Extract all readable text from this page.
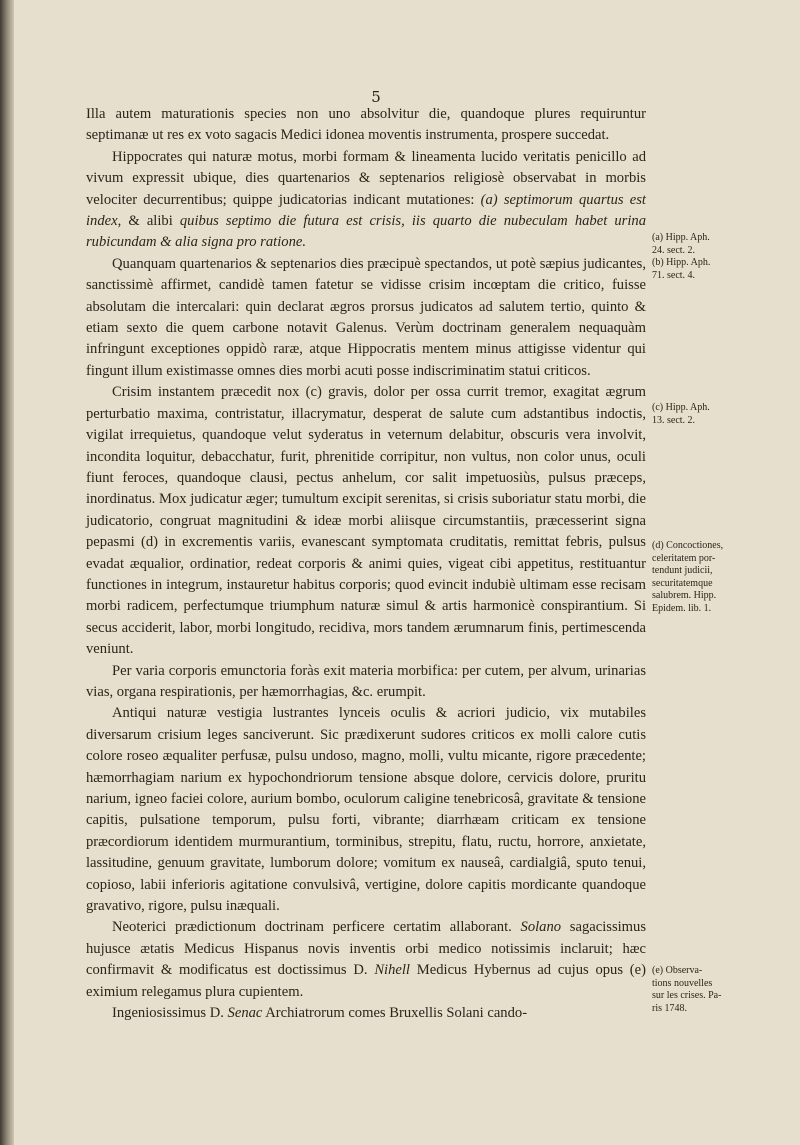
5

Illa autem maturationis species non uno absolvitur die, quandoque plures requiruntur septimanæ ut res ex voto sagacis Medici idonea moventis instrumenta, prospere succedat.

Hippocrates qui naturæ motus, morbi formam & lineamenta lucido veritatis penicillo ad vivum expressit ubique, dies quartenarios & septenarios religiosè observabat in morbis velociter decurrentibus; quippe judicatorias indicant mutationes: (a) septimorum quartus est index, & alibi quibus septimo die futura est crisis, iis quarto die nubeculam habet urina rubicundam & alia signa pro ratione.

Quanquam quartenarios & septenarios dies præcipuè spectandos, ut potè sæpius judicantes, sanctissimè affirmet, candidè tamen fatetur se vidisse crisim incœptam die critico, fuisse absolutam die intercalari: quin declarat ægros prorsus judicatos ad salutem tertio, quinto & etiam sexto die quem carbone notavit Galenus. Verùm doctrinam generalem nequaquàm infringunt exceptiones oppidò raræ, atque Hippocratis mentem minus attigisse videntur qui fingunt illum existimasse omnes dies morbi acuti posse indiscriminatim statui criticos.

Crisim instantem præcedit nox (c) gravis, dolor per ossa currit tremor, exagitat ægrum perturbatio maxima, contristatur, illacrymatur, desperat de salute cum adstantibus indoctis, vigilat irrequietus, quandoque velut syderatus in veternum delabitur, obscuris vera involvit, incondita loquitur, debacchatur, furit, phrenitide corripitur, non vultus, non color unus, oculi fiunt feroces, quandoque clausi, pectus anhelum, cor salit impetuosiùs, pulsus præceps, inordinatus. Mox judicatur æger; tumultum excipit serenitas, si crisis suboriatur statu morbi, die judicatorio, congruat magnitudini & ideæ morbi aliisque circumstantiis, præcesserint signa pepasmi (d) in excrementis variis, evanescant symptomata cruditatis, remittat febris, pulsus evadat æqualior, ordinatior, redeat corporis & animi quies, vigeat cibi appetitus, restituantur functiones in integrum, instauretur habitus corporis; quod evincit indubiè ultimam esse recisam morbi radicem, perfectumque triumphum naturæ simul & artis harmonicè conspirantium. Si secus acciderit, labor, morbi longitudo, recidiva, mors tandem ærumnarum finis, pertimescenda veniunt.

Per varia corporis emunctoria foràs exit materia morbifica: per cutem, per alvum, urinarias vias, organa respirationis, per hæmorrhagias, &c. erumpit.

Antiqui naturæ vestigia lustrantes lynceis oculis & acriori judicio, vix mutabiles diversarum crisium leges sanciverunt. Sic prædixerunt sudores criticos ex molli calore cutis colore roseo æqualiter perfusæ, pulsu undoso, magno, molli, vultu micante, rigore præcedente; hæmorrhagiam narium ex hypochondriorum tensione absque dolore, cervicis dolore, pruritu narium, igneo faciei colore, aurium bombo, oculorum caligine tenebricosâ, gravitate & tensione capitis, pulsatione temporum, pulsu forti, vibrante; diarrhæam criticam ex tensione præcordiorum identidem murmurantium, torminibus, strepitu, flatu, ructu, horrore, anxietate, lassitudine, genuum gravitate, lumborum dolore; vomitum ex nauseâ, cardialgiâ, sputo tenui, copioso, labii inferioris agitatione convulsivâ, vertigine, dolore capitis mordicante quandoque gravativo, rigore, pulsu inæquali.

Neoterici prædictionum doctrinam perficere certatim allaborant. Solano sagacissimus hujusce ætatis Medicus Hispanus novis inventis orbi medico notissimis inclaruit; hæc confirmavit & modificatus est doctissimus D. Nihell Medicus Hybernus ad cujus opus (e) eximium relegamus plura cupientem.

Ingeniosissimus D. Senac Archiatrorum comes Bruxellis Solani cando-

(a) Hipp. Aph.
24. sect. 2.
(b) Hipp. Aph.
71. sect. 4.
(c) Hipp. Aph.
13. sect. 2.
(d) Concoctiones,
celeritatem por-
tendunt judicii,
securitatemque
salubrem. Hipp.
Epidem. lib. 1.
(e) Observa-
tions nouvelles
sur les crises. Pa-
ris 1748.
